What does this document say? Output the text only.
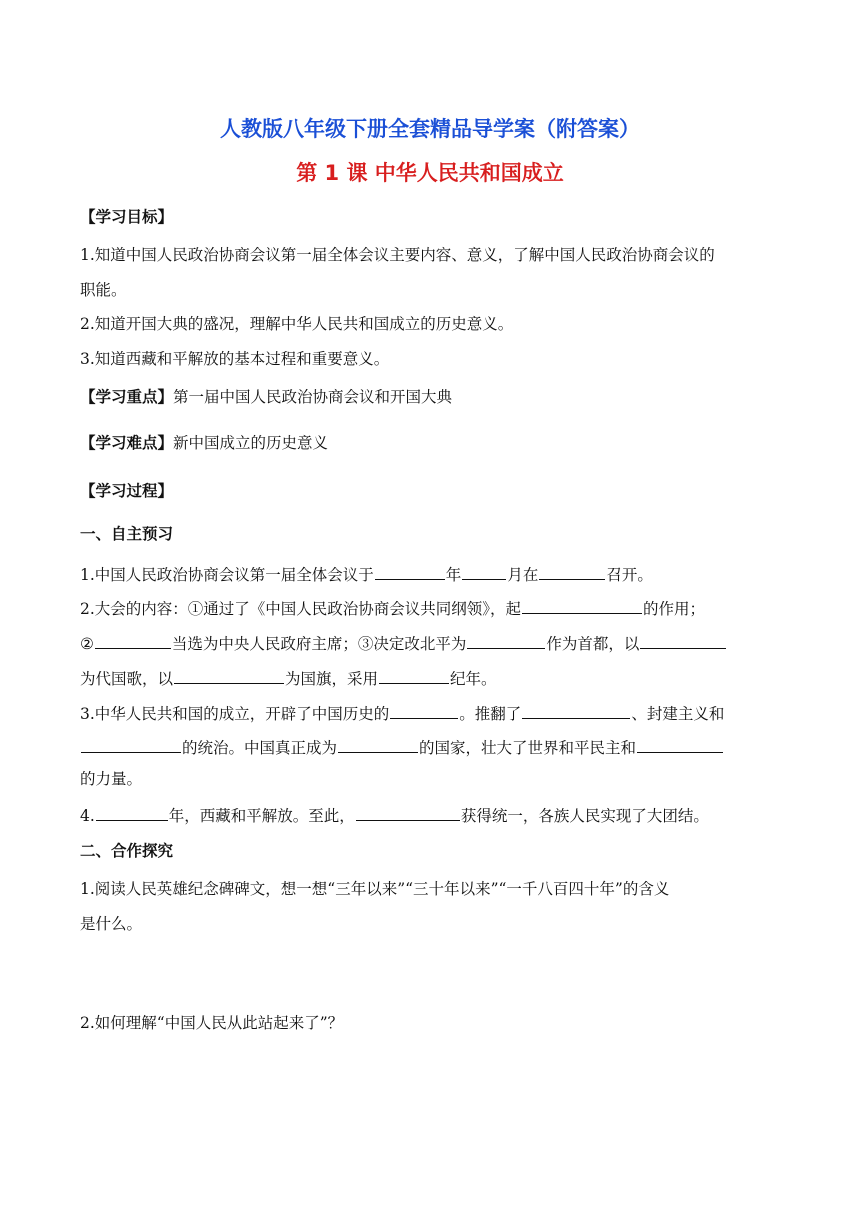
人教版八年级下册全套精品导学案（附答案）
第 1 课 中华人民共和国成立
【学习目标】
1.知道中国人民政治协商会议第一届全体会议主要内容、意义，了解中国人民政治协商会议的
职能。
2.知道开国大典的盛况，理解中华人民共和国成立的历史意义。
3.知道西藏和平解放的基本过程和重要意义。
【学习重点】第一届中国人民政治协商会议和开国大典
【学习难点】新中国成立的历史意义
【学习过程】
一、自主预习
1.中国人民政治协商会议第一届全体会议于	年	月在	召开。
2.大会的内容：①通过了《中国人民政治协商会议共同纲领》，起	的作用；
②	当选为中央人民政府主席；③决定改北平为	作为首都，以
为代国歌，以	为国旗，采用	纪年。
3.中华人民共和国的成立，开辟了中国历史的	。推翻了	、封建主义和
的统治。中国真正成为	的国家，壮大了世界和平民主和
的力量。
4.	年，西藏和平解放。至此，	获得统一，各族人民实现了大团结。
二、合作探究
1.阅读人民英雄纪念碑碑文，想一想“三年以来”“三十年以来”“一千八百四十年”的含义
是什么。
2.如何理解“中国人民从此站起来了”？
